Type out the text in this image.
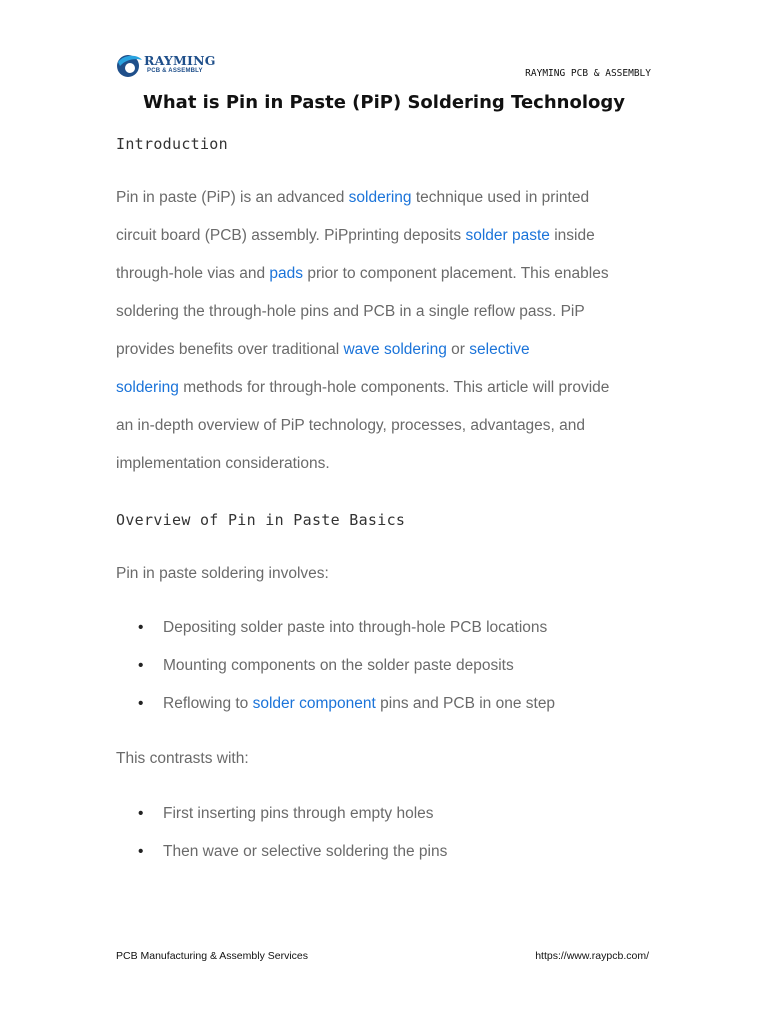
RAYMING
PCB & ASSEMBLY	RAYMING PCB & ASSEMBLY
What is Pin in Paste (PiP) Soldering Technology
Introduction
Pin in paste (PiP) is an advanced soldering technique used in printed
circuit board (PCB) assembly. PiPprinting deposits solder paste inside
through-hole vias and pads prior to component placement. This enables
soldering the through-hole pins and PCB in a single reflow pass. PiP
provides benefits over traditional wave soldering or selective
soldering methods for through-hole components. This article will provide
an in-depth overview of PiP technology, processes, advantages, and
implementation considerations.
Overview of Pin in Paste Basics
Pin in paste soldering involves:
• Depositing solder paste into through-hole PCB locations
• Mounting components on the solder paste deposits
• Reflowing to solder component pins and PCB in one step
This contrasts with:
• First inserting pins through empty holes
• Then wave or selective soldering the pins
PCB Manufacturing & Assembly Services	https://www.raypcb.com/
